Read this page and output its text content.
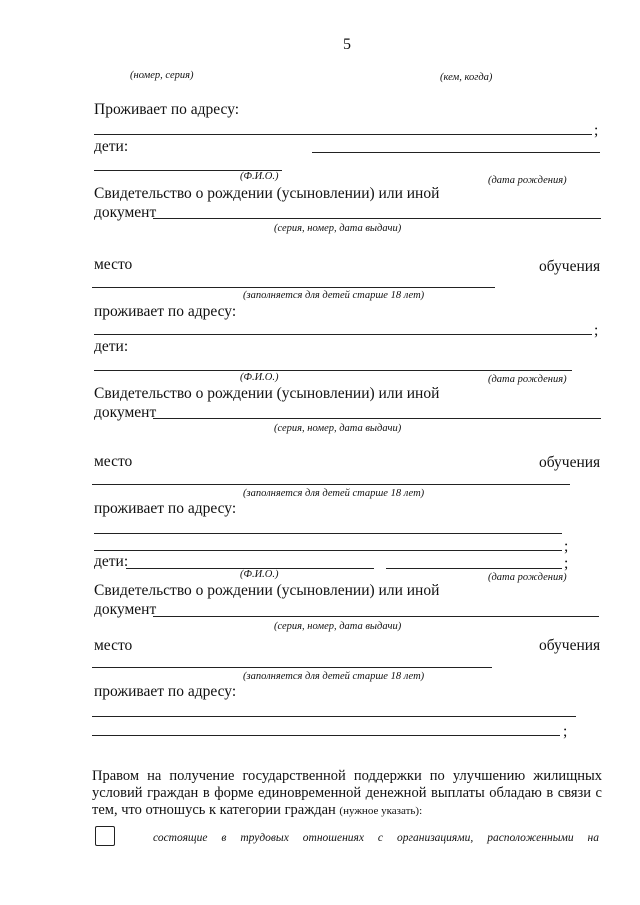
5
(номер, серия)	(кем, когда)
Проживает по адресу:
;
дети:
(Ф.И.О.)	(дата рождения)
Свидетельство о рождении (усыновлении) или иной
документ
(серия, номер, дата выдачи)
место	обучения
(заполняется для детей старше 18 лет)
проживает по адресу:
;
дети:
(Ф.И.О.)	(дата рождения)
Свидетельство о рождении (усыновлении) или иной
документ
(серия, номер, дата выдачи)
место	обучения
(заполняется для детей старше 18 лет)
проживает по адресу:
;
дети:	;
(Ф.И.О.)	(дата рождения)
Свидетельство о рождении (усыновлении) или иной
документ
(серия, номер, дата выдачи)
место	обучения
(заполняется для детей старше 18 лет)
проживает по адресу:
;
Правом на получение государственной поддержки по улучшению жилищных условий граждан в форме единовременной денежной выплаты обладаю в связи с тем, что отношусь к категории граждан (нужное указать):
состоящие в трудовых отношениях с организациями, расположенными на
